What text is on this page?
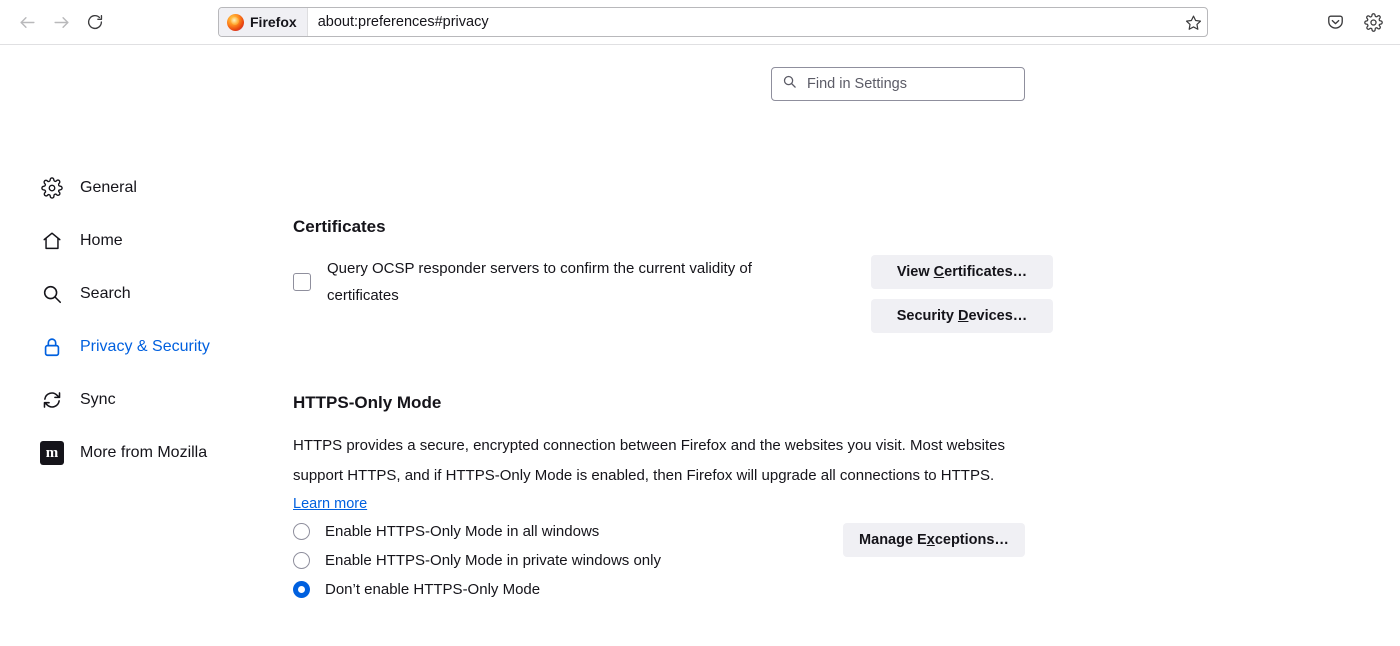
Firefox	about:preferences#privacy
Find in Settings
General
Home
Search
Privacy & Security
Sync
m	More from Mozilla
Certificates
Query OCSP responder servers to confirm the current validity of
certificates
View Certificates…
Security Devices…
HTTPS-Only Mode

HTTPS provides a secure, encrypted connection between Firefox and the websites you visit. Most websites support HTTPS, and if HTTPS-Only Mode is enabled, then Firefox will upgrade all connections to HTTPS.

Learn more
Enable HTTPS-Only Mode in all windows
Enable HTTPS-Only Mode in private windows only
Don’t enable HTTPS-Only Mode
Manage Exceptions…
